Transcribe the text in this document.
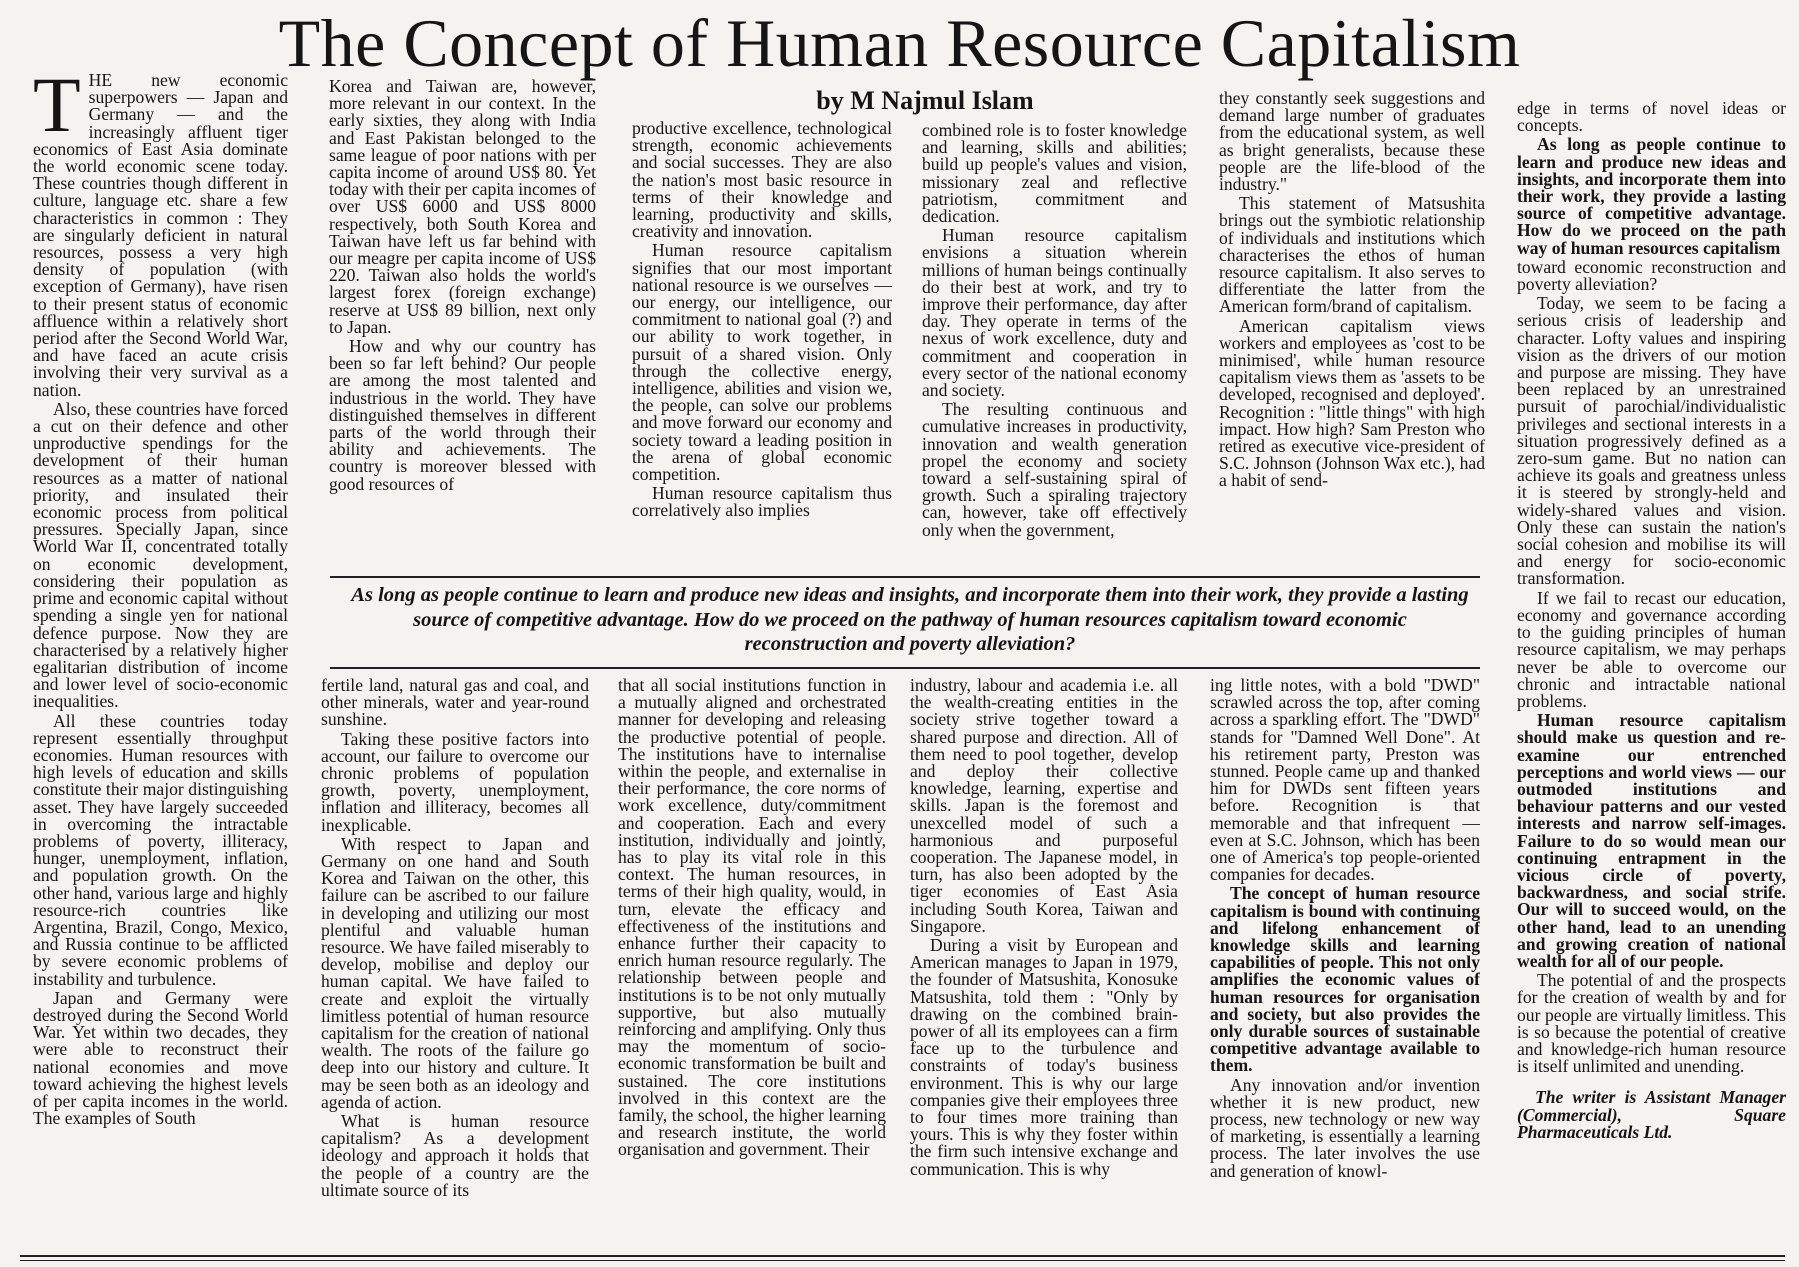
The Concept of Human Resource Capitalism
by M Najmul Islam
T HE new economic superpowers — Japan and Germany — and the increasingly affluent tiger economics of East Asia dominate the world economic scene today. These countries though different in culture, language etc. share a few characteristics in common : They are singularly deficient in natural resources, possess a very high density of population (with exception of Germany), have risen to their present status of economic affluence within a relatively short period after the Second World War, and have faced an acute crisis involving their very survival as a nation.

Also, these countries have forced a cut on their defence and other unproductive spendings for the development of their human resources as a matter of national priority, and insulated their economic process from political pressures. Specially Japan, since World War II, concentrated totally on economic development, considering their population as prime and economic capital without spending a single yen for national defence purpose. Now they are characterised by a relatively higher egalitarian distribution of income and lower level of socio-economic inequalities.

All these countries today represent essentially throughput economies. Human resources with high levels of education and skills constitute their major distinguishing asset. They have largely succeeded in overcoming the intractable problems of poverty, illiteracy, hunger, unemployment, inflation, and population growth. On the other hand, various large and highly resource-rich countries like Argentina, Brazil, Congo, Mexico, and Russia continue to be afflicted by severe economic problems of instability and turbulence.

Japan and Germany were destroyed during the Second World War. Yet within two decades, they were able to reconstruct their national economies and move toward achieving the highest levels of per capita incomes in the world. The examples of South

Korea and Taiwan are, however, more relevant in our context. In the early sixties, they along with India and East Pakistan belonged to the same league of poor nations with per capita income of around US$ 80. Yet today with their per capita incomes of over US$ 6000 and US$ 8000 respectively, both South Korea and Taiwan have left us far behind with our meagre per capita income of US$ 220. Taiwan also holds the world's largest forex (foreign exchange) reserve at US$ 89 billion, next only to Japan.

How and why our country has been so far left behind? Our people are among the most talented and industrious in the world. They have distinguished themselves in different parts of the world through their ability and achievements. The country is moreover blessed with good resources of

productive excellence, technological strength, economic achievements and social successes. They are also the nation's most basic resource in terms of their knowledge and learning, productivity and skills, creativity and innovation.

Human resource capitalism signifies that our most important national resource is we ourselves — our energy, our intelligence, our commitment to national goal (?) and our ability to work together, in pursuit of a shared vision. Only through the collective energy, intelligence, abilities and vision we, the people, can solve our problems and move forward our economy and society toward a leading position in the arena of global economic competition.

Human resource capitalism thus correlatively also implies

combined role is to foster knowledge and learning, skills and abilities; build up people's values and vision, missionary zeal and reflective patriotism, commitment and dedication.

Human resource capitalism envisions a situation wherein millions of human beings continually do their best at work, and try to improve their performance, day after day. They operate in terms of the nexus of work excellence, duty and commitment and cooperation in every sector of the national economy and society.

The resulting continuous and cumulative increases in productivity, innovation and wealth generation propel the economy and society toward a self-sustaining spiral of growth. Such a spiraling trajectory can, however, take off effectively only when the government,

they constantly seek suggestions and demand large number of graduates from the educational system, as well as bright generalists, because these people are the life-blood of the industry."

This statement of Matsushita brings out the symbiotic relationship of individuals and institutions which characterises the ethos of human resource capitalism. It also serves to differentiate the latter from the American form/brand of capitalism.

American capitalism views workers and employees as 'cost to be minimised', while human resource capitalism views them as 'assets to be developed, recognised and deployed'. Recognition : "little things" with high impact. How high? Sam Preston who retired as executive vice-president of S.C. Johnson (Johnson Wax etc.), had a habit of send-

edge in terms of novel ideas or concepts.

As long as people continue to learn and produce new ideas and insights, and incorporate them into their work, they provide a lasting source of competitive advantage. How do we proceed on the path way of human resources capitalism

toward economic reconstruction and poverty alleviation?

Today, we seem to be facing a serious crisis of leadership and character. Lofty values and inspiring vision as the drivers of our motion and purpose are missing. They have been replaced by an unrestrained pursuit of parochial/individualistic privileges and sectional interests in a situation progressively defined as a zero-sum game. But no nation can achieve its goals and greatness unless it is steered by strongly-held and widely-shared values and vision. Only these can sustain the nation's social cohesion and mobilise its will and energy for socio-economic transformation.

If we fail to recast our education, economy and governance according to the guiding principles of human resource capitalism, we may perhaps never be able to overcome our chronic and intractable national problems.

Human resource capitalism should make us question and re-examine our entrenched perceptions and world views — our outmoded institutions and behaviour patterns and our vested interests and narrow self-images. Failure to do so would mean our continuing entrapment in the vicious circle of poverty, backwardness, and social strife. Our will to succeed would, on the other hand, lead to an unending and growing creation of national wealth for all of our people.

The potential of and the prospects for the creation of wealth by and for our people are virtually limitless. This is so because the potential of creative and knowledge-rich human resource is itself unlimited and unending.

The writer is Assistant Manager (Commercial), Square Pharmaceuticals Ltd.

As long as people continue to learn and produce new ideas and insights, and incorporate them into their work, they provide a lasting source of competitive advantage. How do we proceed on the pathway of human resources capitalism toward economic reconstruction and poverty alleviation?

fertile land, natural gas and coal, and other minerals, water and year-round sunshine.

Taking these positive factors into account, our failure to overcome our chronic problems of population growth, poverty, unemployment, inflation and illiteracy, becomes all inexplicable.

With respect to Japan and Germany on one hand and South Korea and Taiwan on the other, this failure can be ascribed to our failure in developing and utilizing our most plentiful and valuable human resource. We have failed miserably to develop, mobilise and deploy our human capital. We have failed to create and exploit the virtually limitless potential of human resource capitalism for the creation of national wealth. The roots of the failure go deep into our history and culture. It may be seen both as an ideology and agenda of action.

What is human resource capitalism? As a development ideology and approach it holds that the people of a country are the ultimate source of its

that all social institutions function in a mutually aligned and orchestrated manner for developing and releasing the productive potential of people. The institutions have to internalise within the people, and externalise in their performance, the core norms of work excellence, duty/commitment and cooperation. Each and every institution, individually and jointly, has to play its vital role in this context. The human resources, in terms of their high quality, would, in turn, elevate the efficacy and effectiveness of the institutions and enhance further their capacity to enrich human resource regularly. The relationship between people and institutions is to be not only mutually supportive, but also mutually reinforcing and amplifying. Only thus may the momentum of socio-economic transformation be built and sustained. The core institutions involved in this context are the family, the school, the higher learning and research institute, the world organisation and government. Their

industry, labour and academia i.e. all the wealth-creating entities in the society strive together toward a shared purpose and direction. All of them need to pool together, develop and deploy their collective knowledge, learning, expertise and skills. Japan is the foremost and unexcelled model of such a harmonious and purposeful cooperation. The Japanese model, in turn, has also been adopted by the tiger economies of East Asia including South Korea, Taiwan and Singapore.

During a visit by European and American manages to Japan in 1979, the founder of Matsushita, Konosuke Matsushita, told them : "Only by drawing on the combined brain-power of all its employees can a firm face up to the turbulence and constraints of today's business environment. This is why our large companies give their employees three to four times more training than yours. This is why they foster within the firm such intensive exchange and communication. This is why

ing little notes, with a bold "DWD" scrawled across the top, after coming across a sparkling effort. The "DWD" stands for "Damned Well Done". At his retirement party, Preston was stunned. People came up and thanked him for DWDs sent fifteen years before. Recognition is that memorable and that infrequent — even at S.C. Johnson, which has been one of America's top people-oriented companies for decades.

The concept of human resource capitalism is bound with continuing and lifelong enhancement of knowledge skills and learning capabilities of people. This not only amplifies the economic values of human resources for organisation and society, but also provides the only durable sources of sustainable competitive advantage available to them.

Any innovation and/or invention whether it is new product, new process, new technology or new way of marketing, is essentially a learning process. The later involves the use and generation of knowl-
